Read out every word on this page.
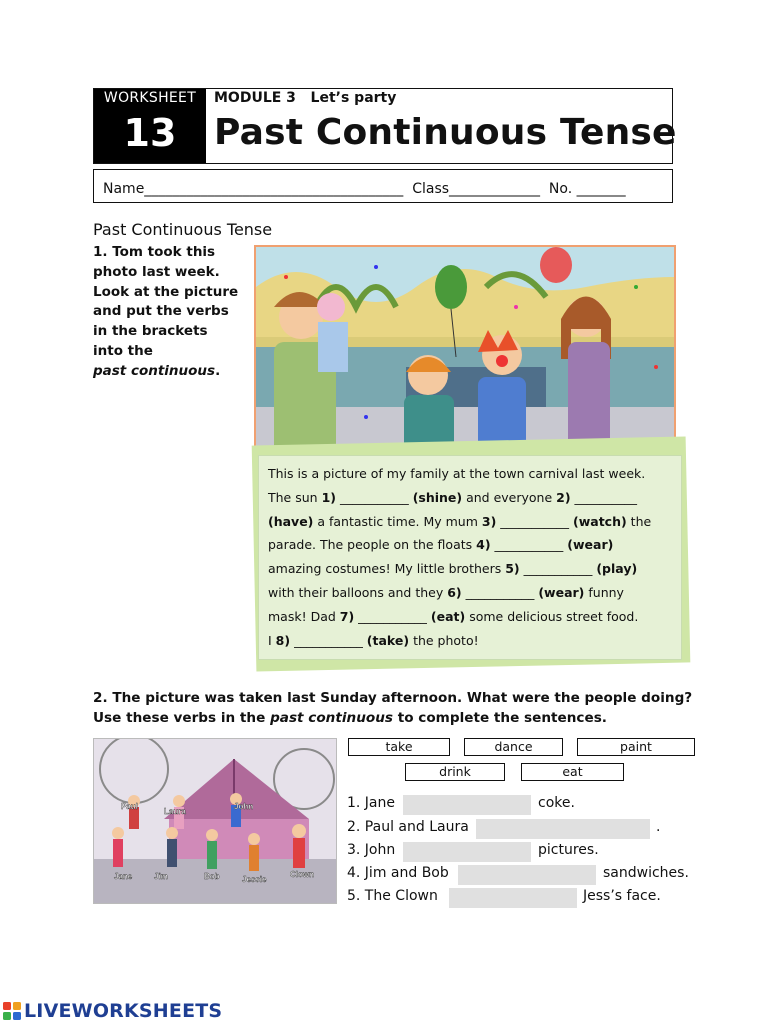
WORKSHEET
13
MODULE 3   Let’s party
Past Continuous Tense
Name_____________________________________  Class_____________  No. _______
Past Continuous Tense
1. Tom took this
photo last week.
Look at the picture
and put the verbs
in the brackets
into the
past continuous.
This is a picture of my family at the town carnival last week.
The sun 1) ___________ (shine) and everyone 2) __________
(have) a fantastic time. My mum 3) ___________ (watch) the
parade. The people on the floats 4) ___________ (wear)
amazing costumes! My little brothers 5) ___________ (play)
with their balloons and they 6) ___________ (wear) funny
mask! Dad 7) ___________ (eat) some delicious street food.
I 8) ___________ (take) the photo!
2. The picture was taken last Sunday afternoon. What were the people doing?
Use these verbs in the past continuous to complete the sentences.
Paul
Laura
John
Jane	Jim	Bob	Jessie
Clown
take	dance	paint
drink	eat
1. Jane	coke.
2. Paul and Laura	.
3. John	pictures.
4. Jim and Bob	sandwiches.
5. The Clown	Jess’s face.
LIVEWORKSHEETS
